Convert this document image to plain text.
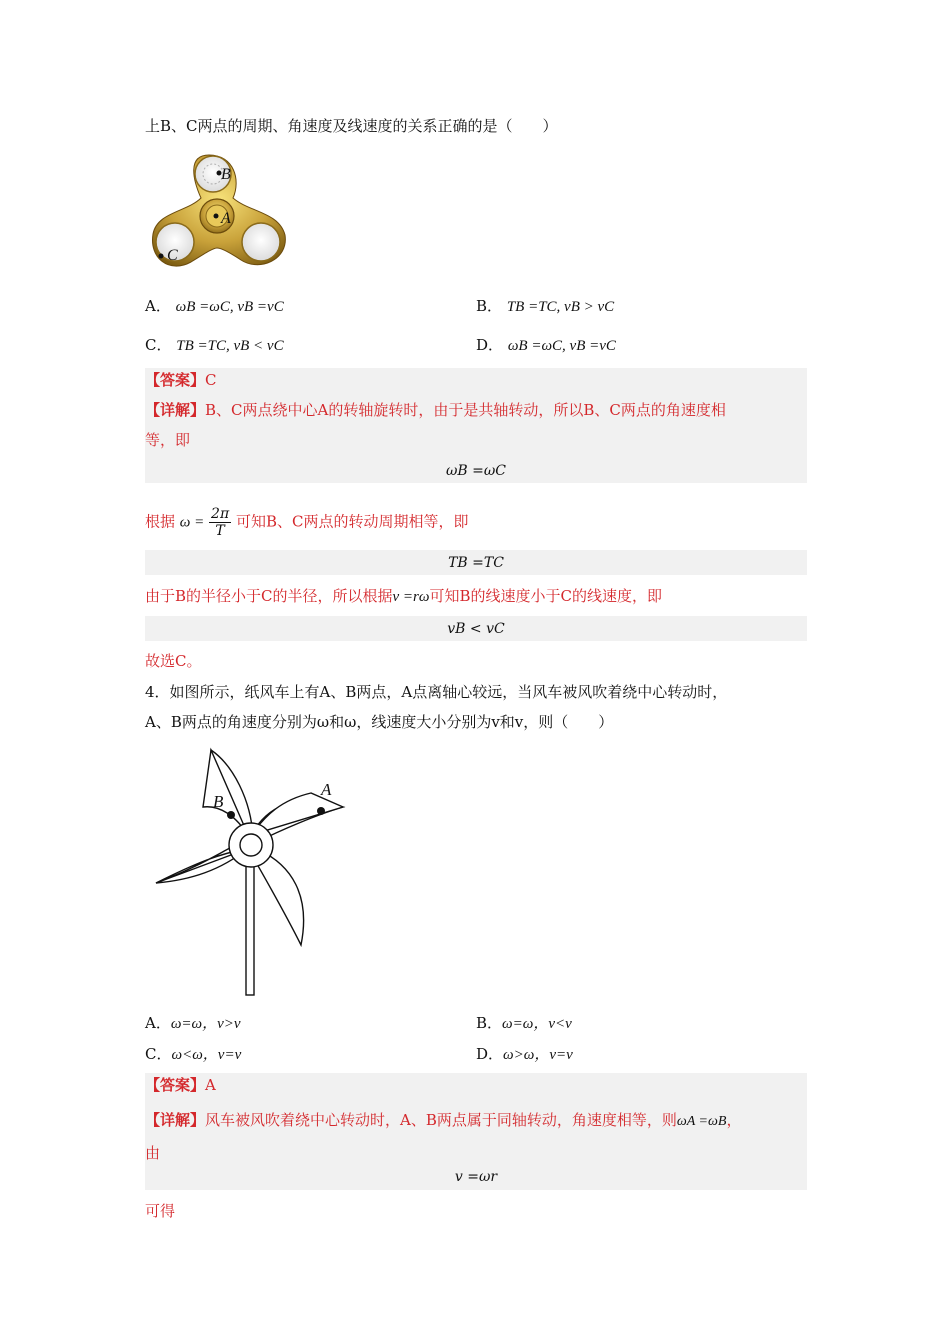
上B、C两点的周期、角速度及线速度的关系正确的是（　　）
B
A
C
A． ωB =ωC, vB =vC	B． TB =TC, vB > vC
C． TB =TC, vB < vC	D． ωB =ωC, vB =vC
【答案】C
【详解】B、C两点绕中心A的转轴旋转时，由于是共轴转动，所以B、C两点的角速度相
等，即
ωB =ωC
根据 $\omega = \frac{2\pi}{T}$ 可知B、C两点的转动周期相等，即
TB =TC
由于B的半径小于C的半径，所以根据v =rω可知B的线速度小于C的线速度，即
vB < vC
故选C。
4．如图所示，纸风车上有A、B两点，A点离轴心较远，当风车被风吹着绕中心转动时，
A、B两点的角速度分别为ω和ω，线速度大小分别为v和v，则（　　）
B
A
A．ω=ω，v>v	B．ω=ω，v<v
C．ω<ω，v=v	D．ω>ω，v=v
【答案】A
【详解】风车被风吹着绕中心转动时，A、B两点属于同轴转动，角速度相等，则ωA =ωB，
由
v =ωr
可得
